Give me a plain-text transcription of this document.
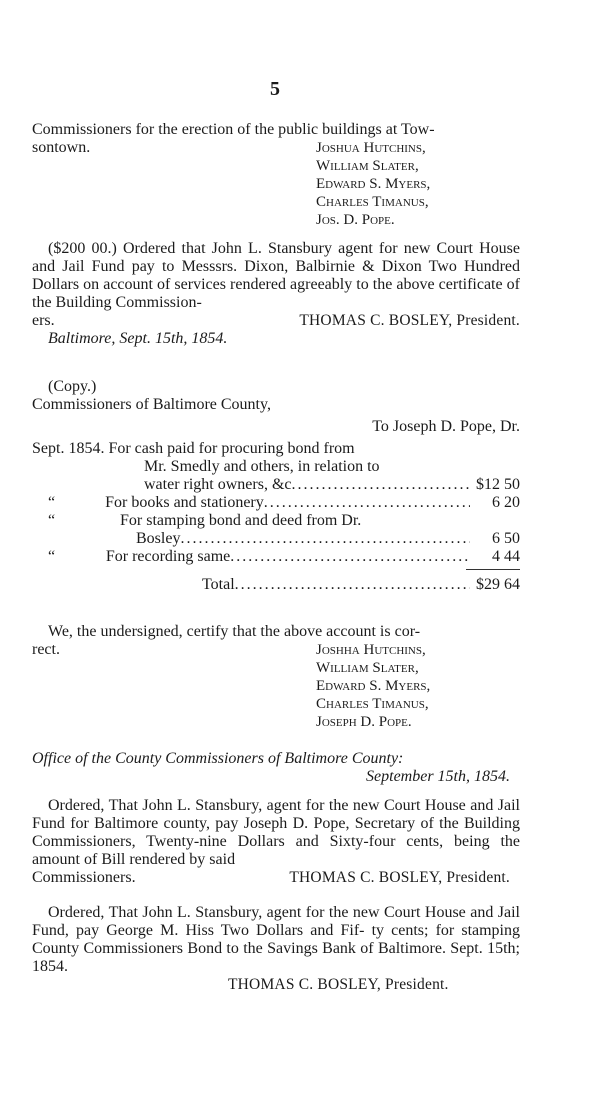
5

Commissioners for the erection of the public buildings at Tow-

sontown.	Joshua Hutchins,
William Slater,
Edward S. Myers,
Charles Timanus,
Jos. D. Pope.

($200 00.) Ordered that John L. Stansbury agent for new Court House and Jail Fund pay to Messsrs. Dixon, Balbirnie & Dixon Two Hundred Dollars on account of services rendered agreeably to the above certificate of the Building Commission-

ers.	THOMAS C. BOSLEY, President.
Baltimore, Sept. 15th, 1854.
(Copy.)
Commissioners of Baltimore County,
To Joseph D. Pope, Dr.
Sept. 1854. For cash paid for procuring bond from
Mr. Smedly and others, in relation to
water right owners, &c .....	$12 50
“	For books and stationery .....	6 20
“	For stamping bond and deed from Dr.
Bosley .....	6 50
“	For recording same .....	4 44
Total .....	$29 64

We, the undersigned, certify that the above account is cor-

rect.	Joshha Hutchins,
William Slater,
Edward S. Myers,
Charles Timanus,
Joseph D. Pope.
Office of the County Commissioners of Baltimore County:
September 15th, 1854.

Ordered, That John L. Stansbury, agent for the new Court House and Jail Fund for Baltimore county, pay Joseph D. Pope, Secretary of the Building Commissioners, Twenty-nine Dollars and Sixty-four cents, being the amount of Bill rendered by said

Commissioners.	THOMAS C. BOSLEY, President.

Ordered, That John L. Stansbury, agent for the new Court House and Jail Fund, pay George M. Hiss Two Dollars and Fif- ty cents; for stamping County Commissioners Bond to the Savings Bank of Baltimore. Sept. 15th; 1854.

THOMAS C. BOSLEY, President.
